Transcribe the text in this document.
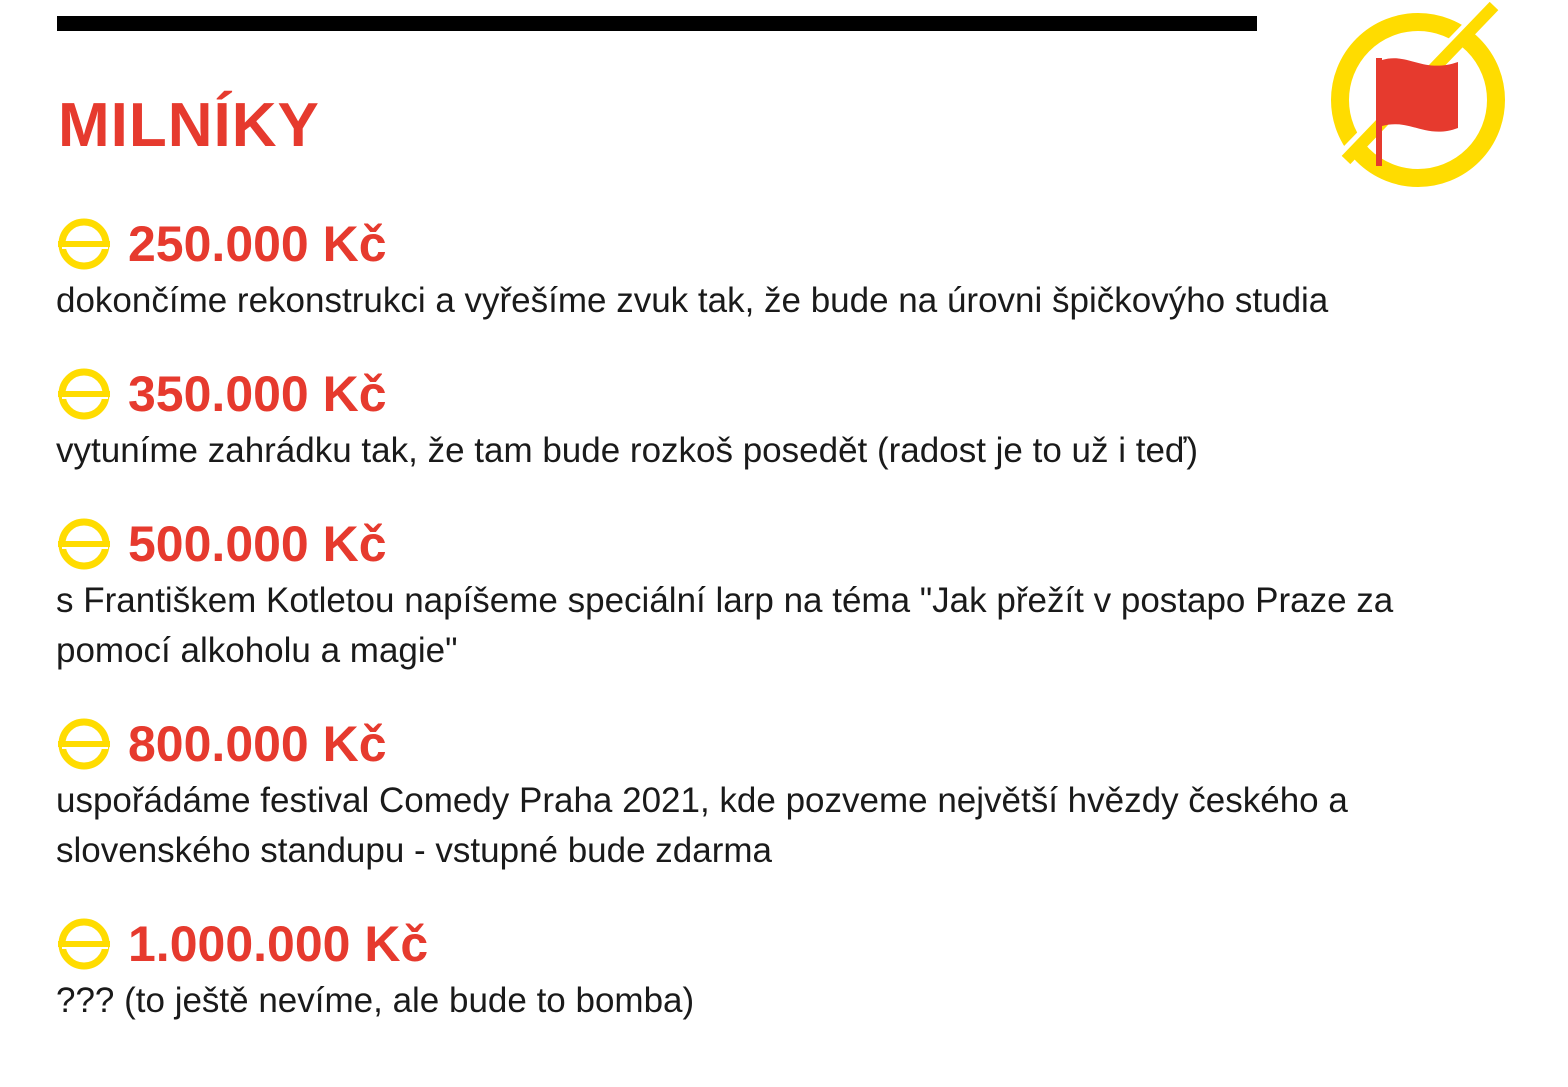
MILNÍKY
250.000 Kč

dokončíme rekonstrukci a vyřešíme zvuk tak, že bude na úrovni špičkovýho studia

350.000 Kč

vytuníme zahrádku tak, že tam bude rozkoš posedět (radost je to už i teď)

500.000 Kč

s Františkem Kotletou napíšeme speciální larp na téma "Jak přežít v postapo Praze za pomocí alkoholu a magie"

800.000 Kč

uspořádáme festival Comedy Praha 2021, kde pozveme největší hvězdy českého a slovenského standupu - vstupné bude zdarma

1.000.000 Kč

??? (to ještě nevíme, ale bude to bomba)
